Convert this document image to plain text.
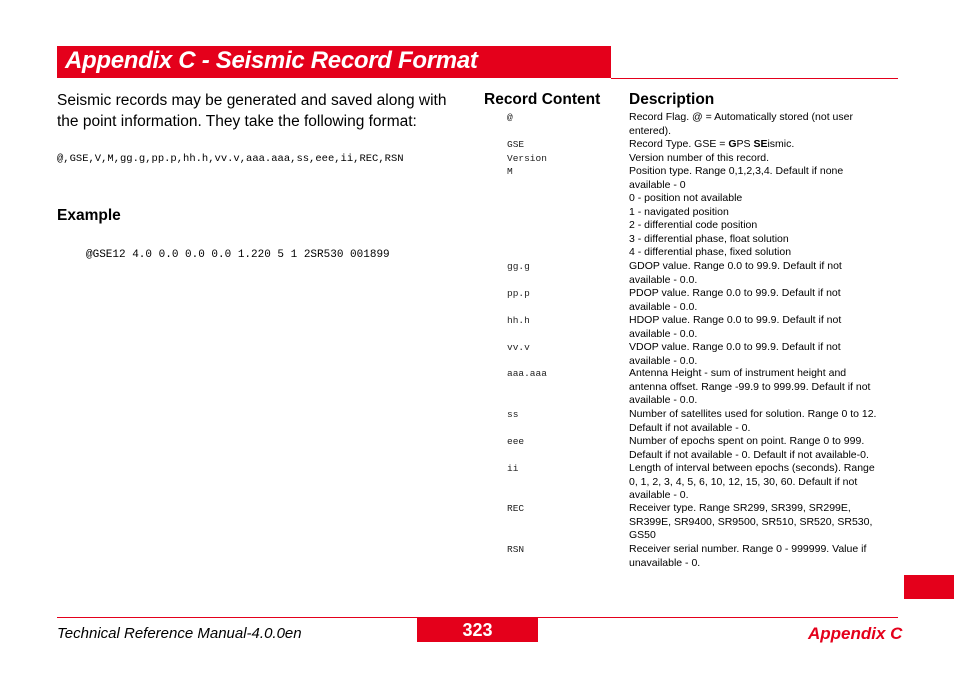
Appendix C - Seismic Record Format
Seismic records may be generated and saved along with
the point information. They take the following format:
@,GSE,V,M,gg.g,pp.p,hh.h,vv.v,aaa.aaa,ss,eee,ii,REC,RSN
Example
@GSE12 4.0 0.0 0.0 0.0 1.220 5 1 2SR530 001899
Record Content Description
@	Record Flag. @ = Automatically stored (not user
entered).
GSE	Record Type. GSE = GPS SEismic.
Version	Version number of this record.
M	Position type. Range 0,1,2,3,4. Default if none
available - 0
0 - position not available
1 - navigated position
2 - differential code position
3 - differential phase, float solution
4 - differential phase, fixed solution
gg.g	GDOP value. Range 0.0 to 99.9. Default if not
available - 0.0.
pp.p	PDOP value. Range 0.0 to 99.9. Default if not
available - 0.0.
hh.h	HDOP value. Range 0.0 to 99.9. Default if not
available - 0.0.
vv.v	VDOP value. Range 0.0 to 99.9. Default if not
available - 0.0.
aaa.aaa	Antenna Height - sum of instrument height and
antenna offset. Range -99.9 to 999.99. Default if not
available - 0.0.
ss	Number of satellites used for solution. Range 0 to 12.
Default if not available - 0.
eee	Number of epochs spent on point. Range 0 to 999.
Default if not available - 0. Default if not available-0.
ii	Length of interval between epochs (seconds). Range
0, 1, 2, 3, 4, 5, 6, 10, 12, 15, 30, 60. Default if not
available - 0.
REC	Receiver type. Range SR299, SR399, SR299E,
SR399E, SR9400, SR9500, SR510, SR520, SR530,
GS50
RSN	Receiver serial number. Range 0 - 999999. Value if
unavailable - 0.
323
Technical Reference Manual-4.0.0en	Appendix C
